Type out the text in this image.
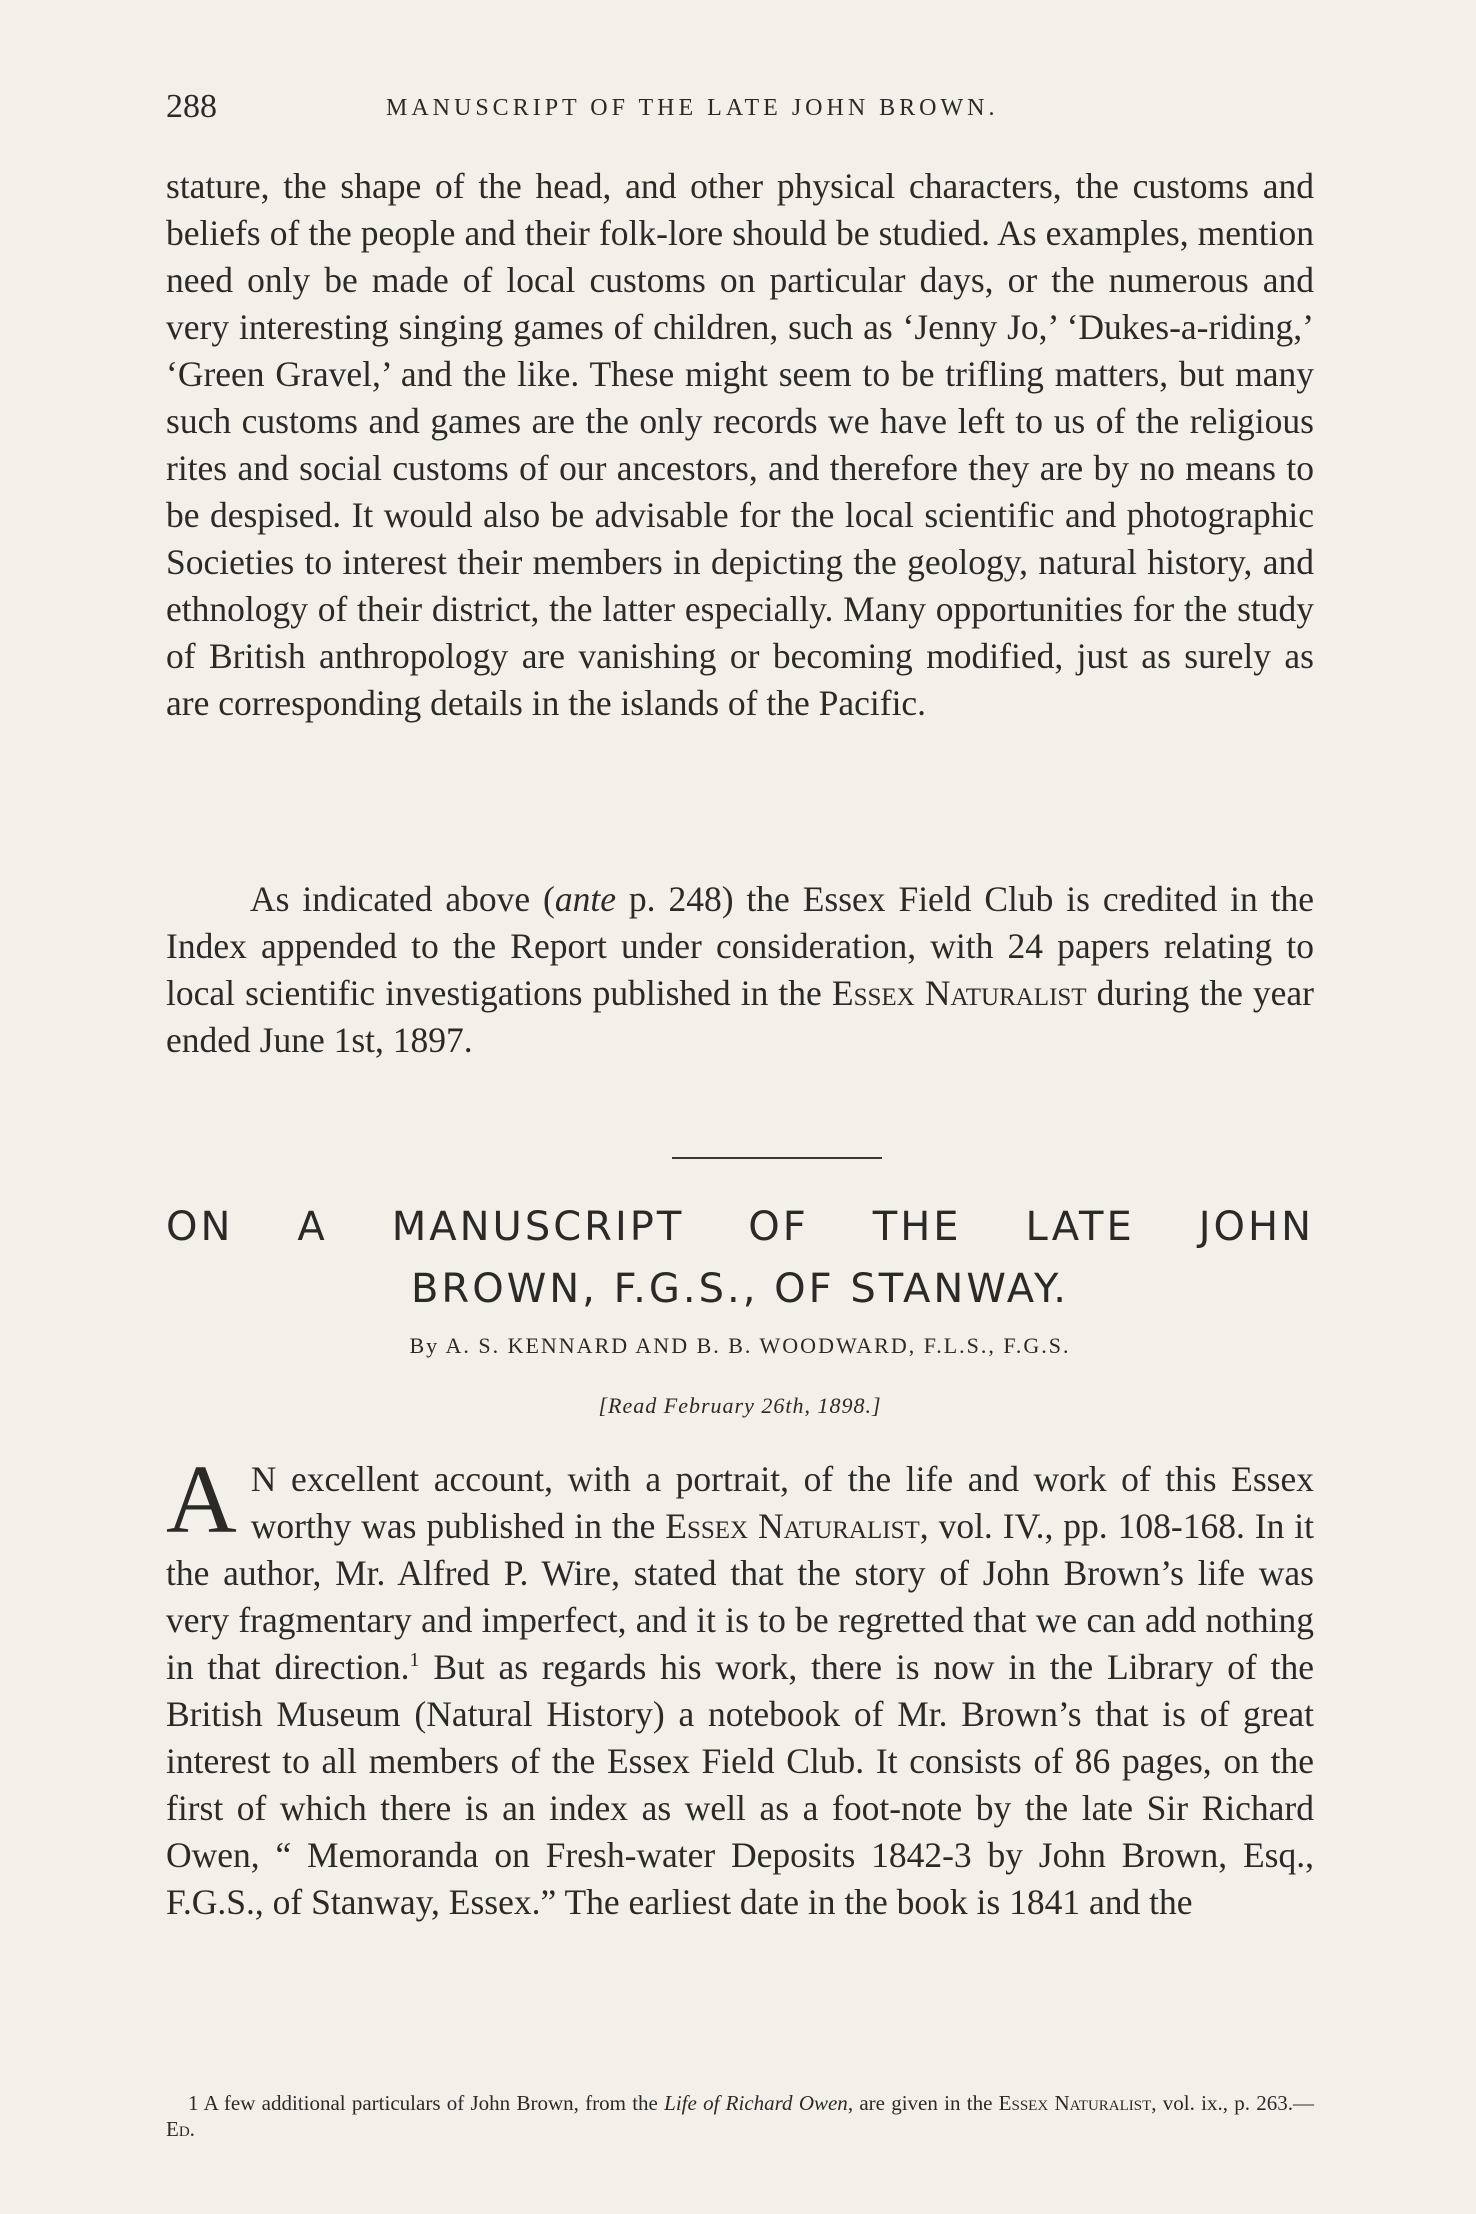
288	MANUSCRIPT OF THE LATE JOHN BROWN.

stature, the shape of the head, and other physical characters, the customs and beliefs of the people and their folk-lore should be studied. As examples, mention need only be made of local customs on particular days, or the numerous and very interesting singing games of children, such as ‘Jenny Jo,’ ‘Dukes-a-riding,’ ‘Green Gravel,’ and the like. These might seem to be trifling matters, but many such customs and games are the only records we have left to us of the religious rites and social customs of our ancestors, and therefore they are by no means to be despised. It would also be advisable for the local scientific and photographic Societies to interest their members in depicting the geology, natural history, and ethnology of their district, the latter especially. Many opportunities for the study of British anthropology are vanishing or becoming modified, just as surely as are corresponding details in the islands of the Pacific.

As indicated above (ante p. 248) the Essex Field Club is credited in the Index appended to the Report under consideration, with 24 papers relating to local scientific investigations published in the Essex Naturalist during the year ended June 1st, 1897.

ON A MANUSCRIPT OF THE LATE JOHN
BROWN, F.G.S., OF STANWAY.
By A. S. KENNARD AND B. B. WOODWARD, F.L.S., F.G.S.
[Read February 26th, 1898.]

A N excellent account, with a portrait, of the life and work of this Essex worthy was published in the Essex Naturalist, vol. IV., pp. 108-168. In it the author, Mr. Alfred P. Wire, stated that the story of John Brown’s life was very fragmentary and imperfect, and it is to be regretted that we can add nothing in that direction.$^1$ But as regards his work, there is now in the Library of the British Museum (Natural History) a notebook of Mr. Brown’s that is of great interest to all members of the Essex Field Club. It consists of 86 pages, on the first of which there is an index as well as a foot-note by the late Sir Richard Owen, “ Memoranda on Fresh-water Deposits 1842-3 by John Brown, Esq., F.G.S., of Stanway, Essex.” The earliest date in the book is 1841 and the

1 A few additional particulars of John Brown, from the Life of Richard Owen, are given in the Essex Naturalist, vol. ix., p. 263.—Ed.
